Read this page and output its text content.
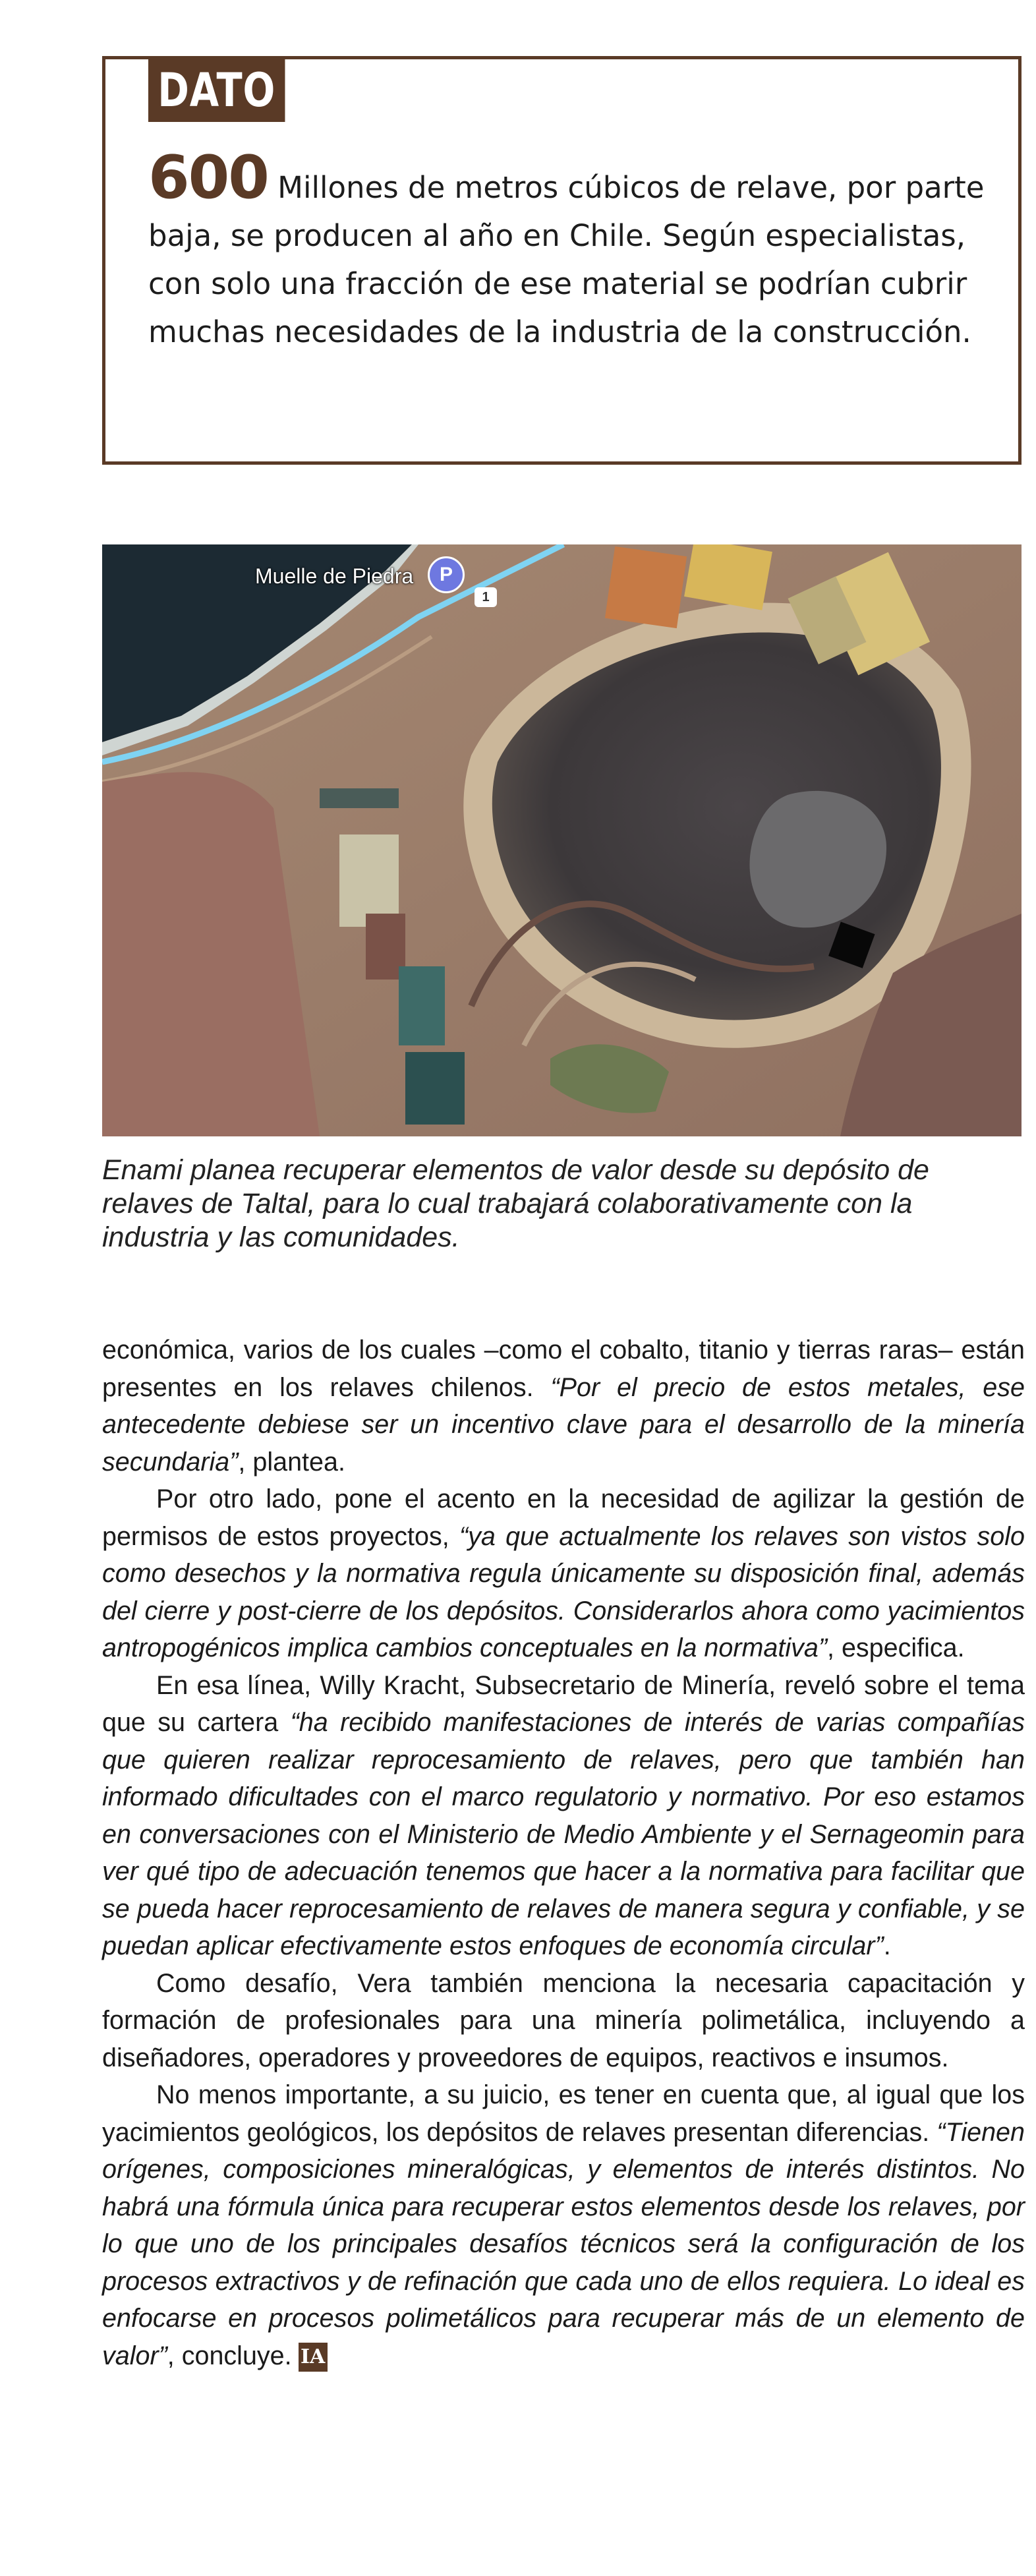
DATO
600 Millones de metros cúbicos de relave, por parte baja, se producen al año en Chile. Según especialistas, con solo una fracción de ese material se podrían cubrir muchas necesidades de la industria de la construcción.
Muelle de Piedra	P
1
Enami planea recuperar elementos de valor desde su depósito de relaves de Taltal, para lo cual trabajará colaborativamente con la industria y las comunidades.

económica, varios de los cuales –como el cobalto, titanio y tierras raras– están presentes en los relaves chilenos. “Por el precio de estos metales, ese antecedente debiese ser un incentivo clave para el desarrollo de la minería secundaria”, plantea.

Por otro lado, pone el acento en la necesidad de agilizar la gestión de permisos de estos proyectos, “ya que actualmente los relaves son vistos solo como desechos y la normativa regula únicamente su disposición final, además del cierre y post-cierre de los depósitos. Considerarlos ahora como yacimientos antropogénicos implica cambios conceptuales en la normativa”, especifica.

En esa línea, Willy Kracht, Subsecretario de Minería, reveló sobre el tema que su cartera “ha recibido manifestaciones de interés de varias compañías que quieren realizar reprocesamiento de relaves, pero que también han informado dificultades con el marco regulatorio y normativo. Por eso estamos en conversaciones con el Ministerio de Medio Ambiente y el Sernageomin para ver qué tipo de adecuación tenemos que hacer a la normativa para facilitar que se pueda hacer reprocesamiento de relaves de manera segura y confiable, y se puedan aplicar efectivamente estos enfoques de economía circular”.

Como desafío, Vera también menciona la necesaria capacitación y formación de profesionales para una minería polimetálica, incluyendo a diseñadores, operadores y proveedores de equipos, reactivos e insumos.

No menos importante, a su juicio, es tener en cuenta que, al igual que los yacimientos geológicos, los depósitos de relaves presentan diferencias. “Tienen orígenes, composiciones mineralógicas, y elementos de interés distintos. No habrá una fórmula única para recuperar estos elementos desde los relaves, por lo que uno de los principales desafíos técnicos será la configuración de los procesos extractivos y de refinación que cada uno de ellos requiera. Lo ideal es enfocarse en procesos polimetálicos para recuperar más de un elemento de valor”, concluye. IA
